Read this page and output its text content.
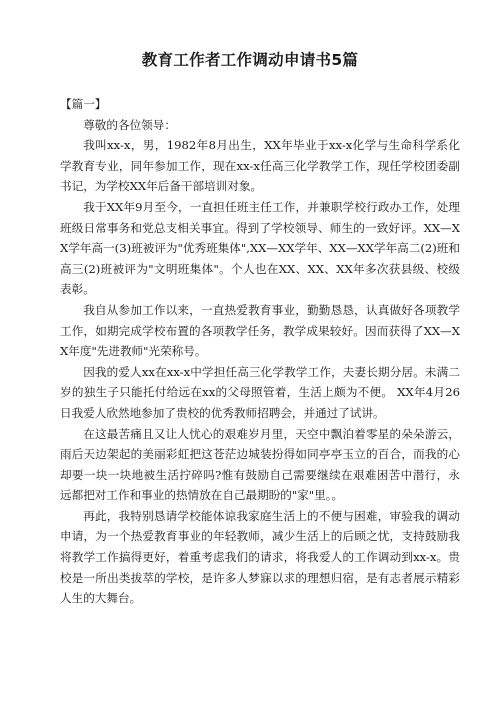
教育工作者工作调动申请书5篇

【篇一】

尊敬的各位领导：

我叫xx-x，男，1982年8月出生，XX年毕业于xx-x化学与生命科学系化学教育专业，同年参加工作，现在xx-x任高三化学教学工作，现任学校团委副书记，为学校XX年后备干部培训对象。

我于XX年9月至今，一直担任班主任工作，并兼职学校行政办工作，处理班级日常事务和党总支相关事宜。得到了学校领导、师生的一致好评。XX—XX学年高一(3)班被评为"优秀班集体",XX—XX学年、XX—XX学年高二(2)班和高三(2)班被评为"文明班集体"。个人也在XX、XX、XX年多次获县级、校级表彰。

我自从参加工作以来，一直热爱教育事业，勤勤恳恳，认真做好各项教学工作，如期完成学校布置的各项教学任务，教学成果较好。因而获得了XX—XX年度"先进教师"光荣称号。

因我的爱人xx在xx-x中学担任高三化学教学工作，夫妻长期分居。未满二岁的独生子只能托付给远在xx的父母照管着，生活上颇为不便。 XX年4月26日我爱人欣然地参加了贵校的优秀教师招聘会，并通过了试讲。

在这最苦痛且又让人忧心的艰难岁月里，天空中飘泊着零星的朵朵游云，雨后天边架起的美丽彩虹把这苍茫边城装扮得如同亭亭玉立的百合，而我的心却要一块一块地被生活拧碎吗?惟有鼓励自己需要继续在艰难困苦中潜行，永远都把对工作和事业的热情放在自己最期盼的"家"里。。

再此，我特别恳请学校能体谅我家庭生活上的不便与困难，审验我的调动申请，为一个热爱教育事业的年轻教师，减少生活上的后顾之忧，支持鼓励我将教学工作搞得更好，着重考虑我们的请求，将我爱人的工作调动到xx-x。贵校是一所出类拔萃的学校，是许多人梦寐以求的理想归宿，是有志者展示精彩人生的大舞台。
